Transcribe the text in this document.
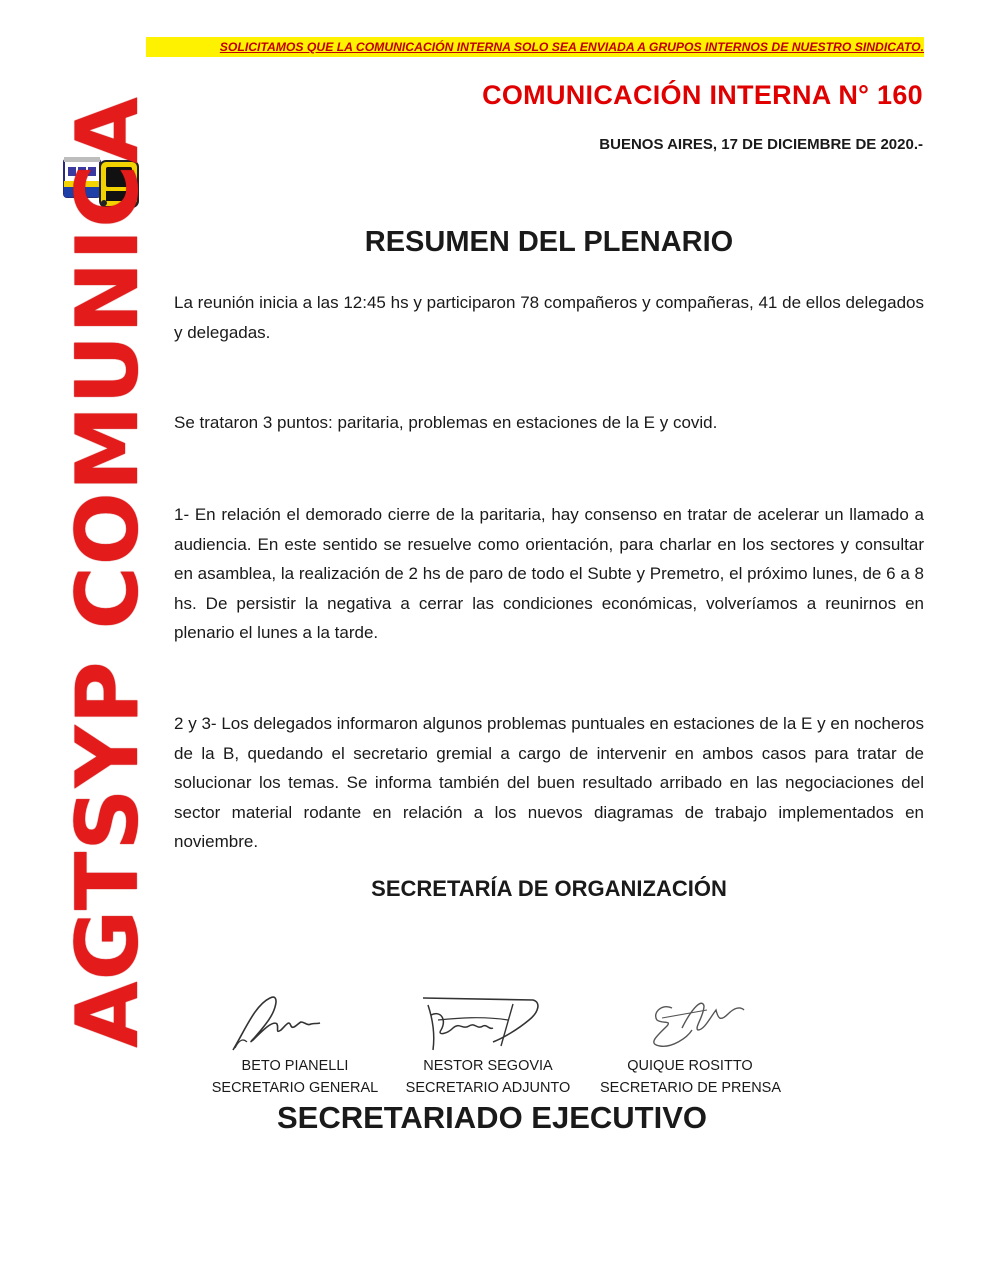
SOLICITAMOS QUE LA COMUNICACIÓN INTERNA SOLO SEA ENVIADA A GRUPOS INTERNOS DE NUESTRO SINDICATO.
COMUNICACIÓN INTERNA N° 160
BUENOS AIRES, 17 DE DICIEMBRE DE 2020.-
AGTSYP COMUNICA	RESUMEN DEL PLENARIO

La reunión inicia a las 12:45 hs y participaron 78 compañeros y compañeras, 41 de ellos delegados y delegadas.

Se trataron 3 puntos: paritaria, problemas en estaciones de la E y covid.

1- En relación el demorado cierre de la paritaria, hay consenso en tratar de acelerar un llamado a audiencia. En este sentido se resuelve como orientación, para charlar en los sectores y consultar en asamblea, la realización de 2 hs de paro de todo el Subte y Premetro, el próximo lunes, de 6 a 8 hs. De persistir la negativa a cerrar las condiciones económicas, volveríamos a reunirnos en plenario el lunes a la tarde.

2 y 3- Los delegados informaron algunos problemas puntuales en estaciones de la E y en nocheros de la B, quedando el secretario gremial a cargo de intervenir en ambos casos para tratar de solucionar los temas. Se informa también del buen resultado arribado en las negociaciones del sector material rodante en relación a los nuevos diagramas de trabajo implementados en noviembre.

SECRETARÍA DE ORGANIZACIÓN
BETO PIANELLI
SECRETARIO GENERAL
NESTOR SEGOVIA
SECRETARIO ADJUNTO
QUIQUE ROSITTO
SECRETARIO DE PRENSA
SECRETARIADO EJECUTIVO
